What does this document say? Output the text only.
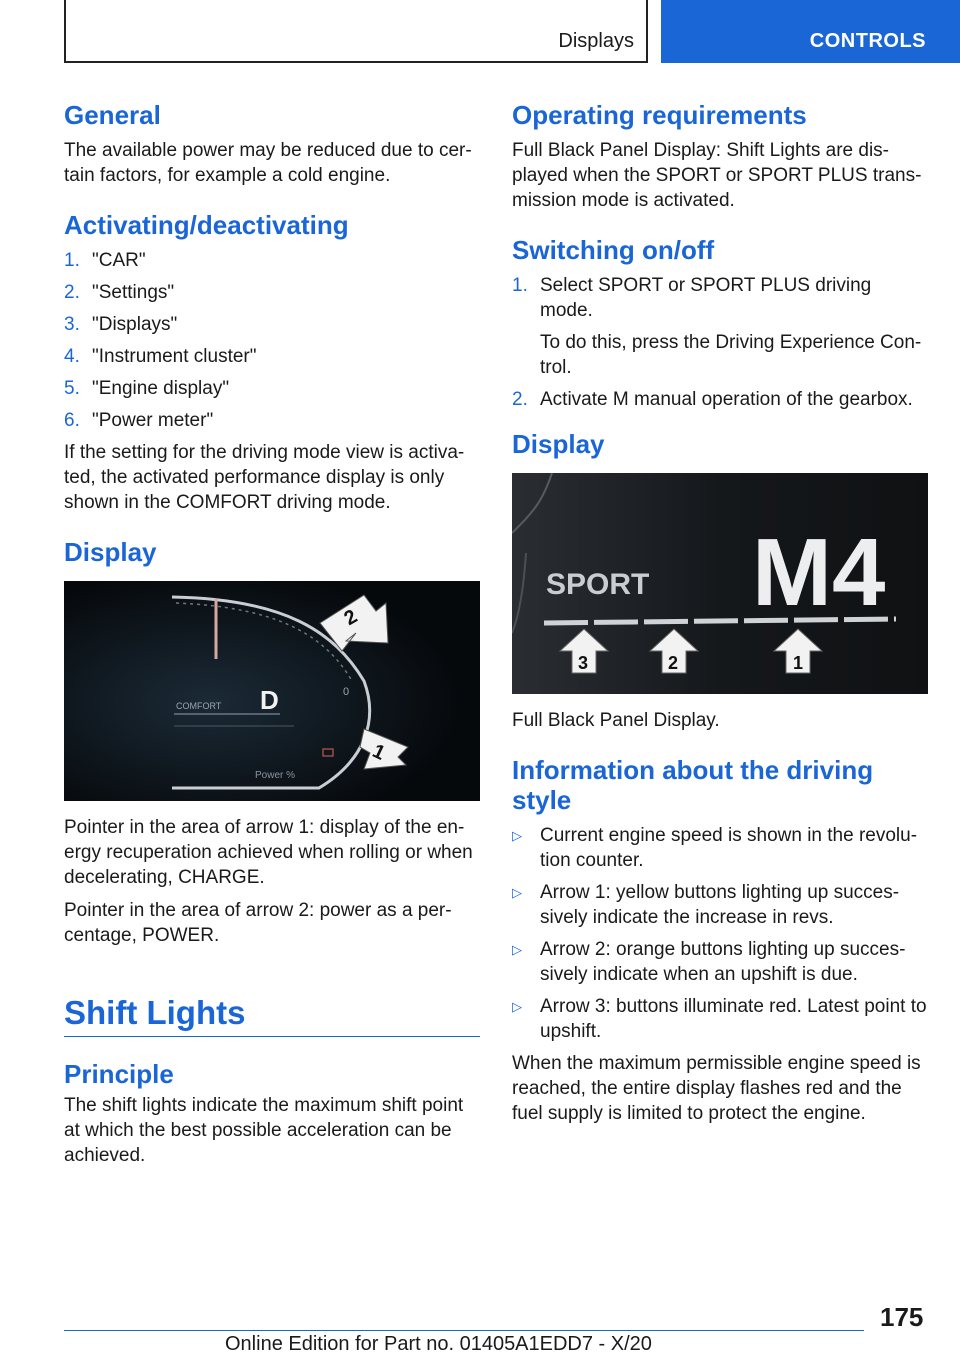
Displays	CONTROLS
General

The available power may be reduced due to certain factors, for example a cold engine.

Activating/deactivating
1. "CAR"
2. "Settings"
3. "Displays"
4. "Instrument cluster"
5. "Engine display"
6. "Power meter"

If the setting for the driving mode view is activated, the activated performance display is only shown in the COMFORT driving mode.

Display
COMFORT D	0
Power %
2
1

Pointer in the area of arrow 1: display of the energy recuperation achieved when rolling or when decelerating, CHARGE.

Pointer in the area of arrow 2: power as a percentage, POWER.

Shift Lights
Principle

The shift lights indicate the maximum shift point at which the best possible acceleration can be achieved.

Operating requirements

Full Black Panel Display: Shift Lights are displayed when the SPORT or SPORT PLUS transmission mode is activated.

Switching on/off
1. Select SPORT or SPORT PLUS driving mode.

To do this, press the Driving Experience Control.

2. Activate M manual operation of the gearbox.
Display
SPORT M4
3	2	1

Full Black Panel Display.

Information about the driving style
▷ Current engine speed is shown in the revolution counter.
▷ Arrow 1: yellow buttons lighting up successively indicate the increase in revs.
▷ Arrow 2: orange buttons lighting up successively indicate when an upshift is due.
▷ Arrow 3: buttons illuminate red. Latest point to upshift.

When the maximum permissible engine speed is reached, the entire display flashes red and the fuel supply is limited to protect the engine.

175
Online Edition for Part no. 01405A1EDD7 - X/20
